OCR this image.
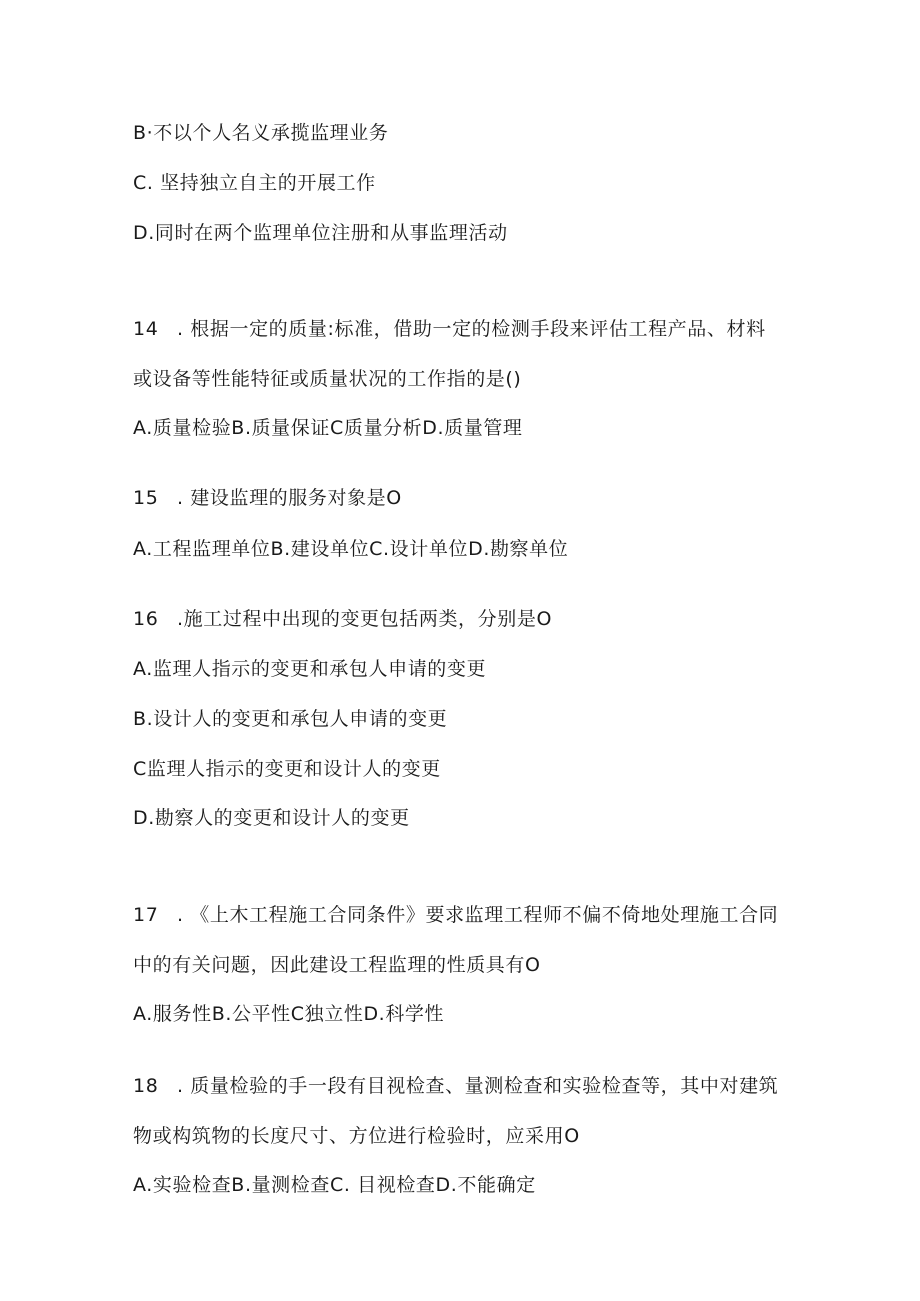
B·不以个人名义承揽监理业务
C. 坚持独立自主的开展工作
D.同时在两个监理单位注册和从事监理活动
14 . 根据一定的质量:标准，借助一定的检测手段来评估工程产品、材料
或设备等性能特征或质量状况的工作指的是()
A.质量检验B.质量保证C质量分析D.质量管理
15 . 建设监理的服务对象是O
A.工程监理单位B.建设单位C.设计单位D.勘察单位
16 .施工过程中出现的变更包括两类，分别是O
A.监理人指示的变更和承包人申请的变更
B.设计人的变更和承包人申请的变更
C监理人指示的变更和设计人的变更
D.勘察人的变更和设计人的变更
17 . 《上木工程施工合同条件》要求监理工程师不偏不倚地处理施工合同
中的有关问题，因此建设工程监理的性质具有O
A.服务性B.公平性C独立性D.科学性
18 . 质量检验的手一段有目视检查、量测检查和实验检查等，其中对建筑
物或构筑物的长度尺寸、方位进行检验时，应采用O
A.实验检查B.量测检查C. 目视检查D.不能确定
